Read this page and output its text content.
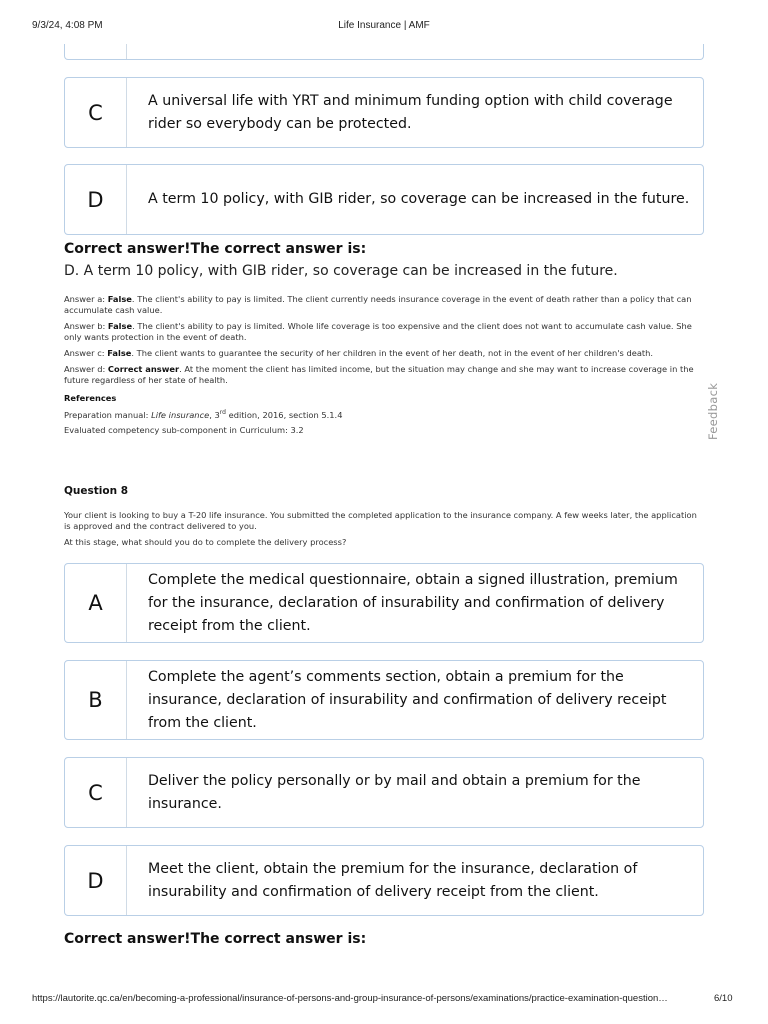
9/3/24, 4:08 PM	Life Insurance | AMF
C	A universal life with YRT and minimum funding option with child coverage rider so everybody can be protected.
D	A term 10 policy, with GIB rider, so coverage can be increased in the future.
Correct answer!The correct answer is:
D. A term 10 policy, with GIB rider, so coverage can be increased in the future.
Answer a: False. The client's ability to pay is limited. The client currently needs insurance coverage in the event of death rather than a policy that can accumulate cash value.
Answer b: False. The client's ability to pay is limited. Whole life coverage is too expensive and the client does not want to accumulate cash value. She only wants protection in the event of death.
Answer c: False. The client wants to guarantee the security of her children in the event of her death, not in the event of her children's death.
Answer d: Correct answer. At the moment the client has limited income, but the situation may change and she may want to increase coverage in the future regardless of her state of health.
References
Preparation manual: Life insurance, 3rd edition, 2016, section 5.1.4
Evaluated competency sub-component in Curriculum: 3.2	Feedback
Question 8
Your client is looking to buy a T-20 life insurance. You submitted the completed application to the insurance company. A few weeks later, the application is approved and the contract delivered to you.
At this stage, what should you do to complete the delivery process?
A
Complete the medical questionnaire, obtain a signed illustration, premium for the insurance, declaration of insurability and confirmation of delivery receipt from the client.
B
Complete the agent’s comments section, obtain a premium for the insurance, declaration of insurability and confirmation of delivery receipt from the client.
C	Deliver the policy personally or by mail and obtain a premium for the insurance.
D	Meet the client, obtain the premium for the insurance, declaration of insurability and confirmation of delivery receipt from the client.
Correct answer!The correct answer is:
https://lautorite.qc.ca/en/becoming-a-professional/insurance-of-persons-and-group-insurance-of-persons/examinations/practice-examination-question…	6/10
